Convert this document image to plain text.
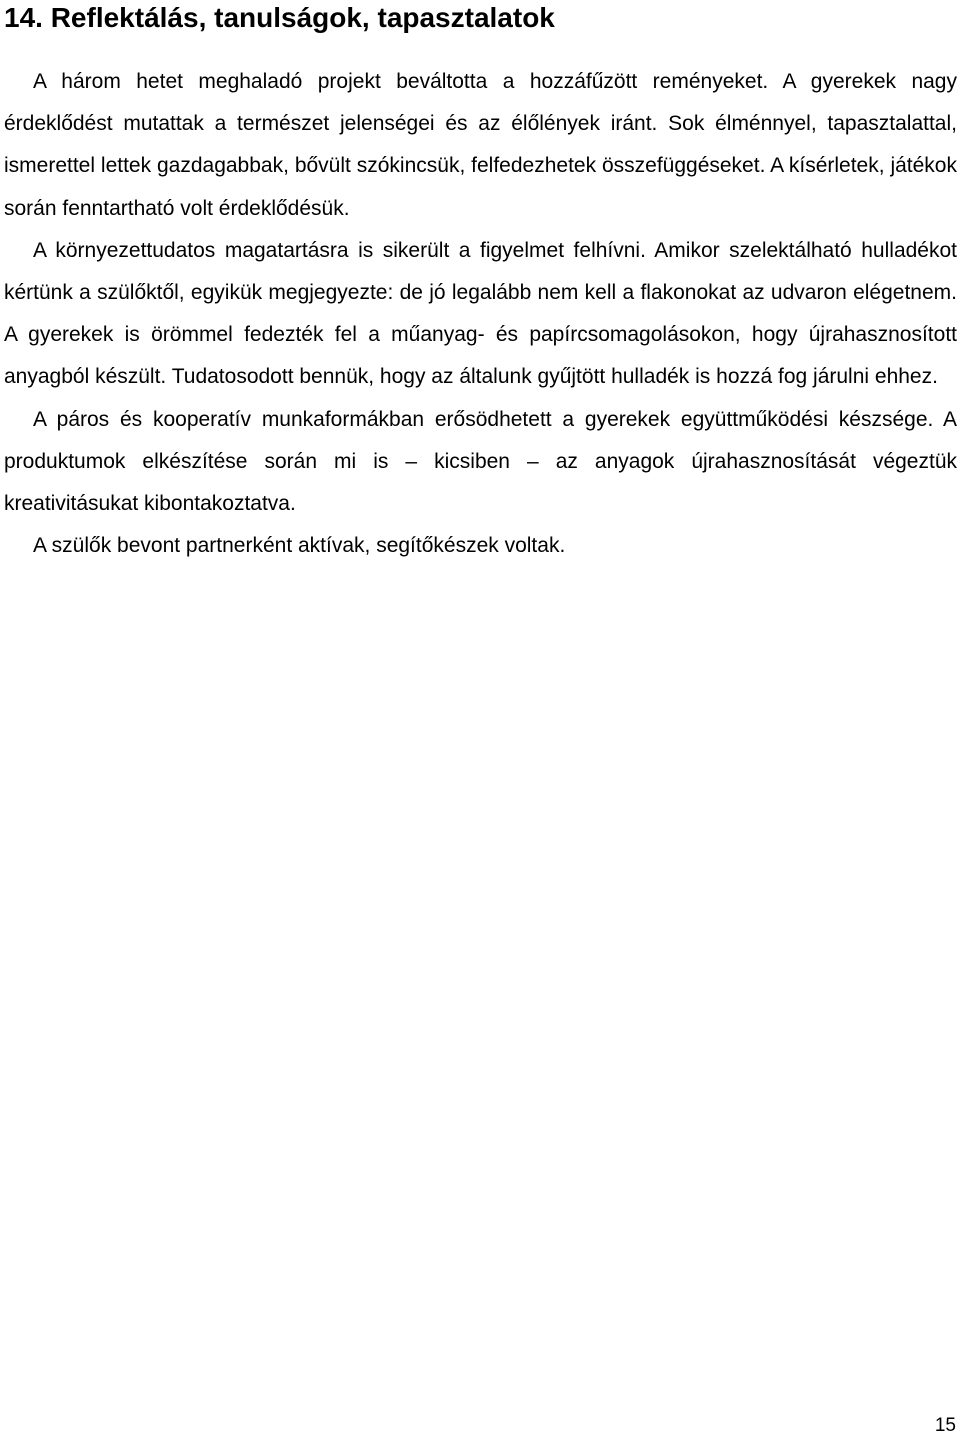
14. Reflektálás, tanulságok, tapasztalatok

A három hetet meghaladó projekt beváltotta a hozzáfűzött reményeket. A gyerekek nagy érdeklődést mutattak a természet jelenségei és az élőlények iránt. Sok élménnyel, tapasztalattal, ismerettel lettek gazdagabbak, bővült szókincsük, felfedezhetek összefüggéseket. A kísérletek, játékok során fenntartható volt érdeklődésük.

A környezettudatos magatartásra is sikerült a figyelmet felhívni. Amikor szelektálható hulladékot kértünk a szülőktől, egyikük megjegyezte: de jó legalább nem kell a flakonokat az udvaron elégetnem. A gyerekek is örömmel fedezték fel a műanyag- és papírcsomagolásokon, hogy újrahasznosított anyagból készült. Tudatosodott bennük, hogy az általunk gyűjtött hulladék is hozzá fog járulni ehhez.

A páros és kooperatív munkaformákban erősödhetett a gyerekek együttműködési készsége. A produktumok elkészítése során mi is – kicsiben – az anyagok újrahasznosítását végeztük kreativitásukat kibontakoztatva.

A szülők bevont partnerként aktívak, segítőkészek voltak.

15
